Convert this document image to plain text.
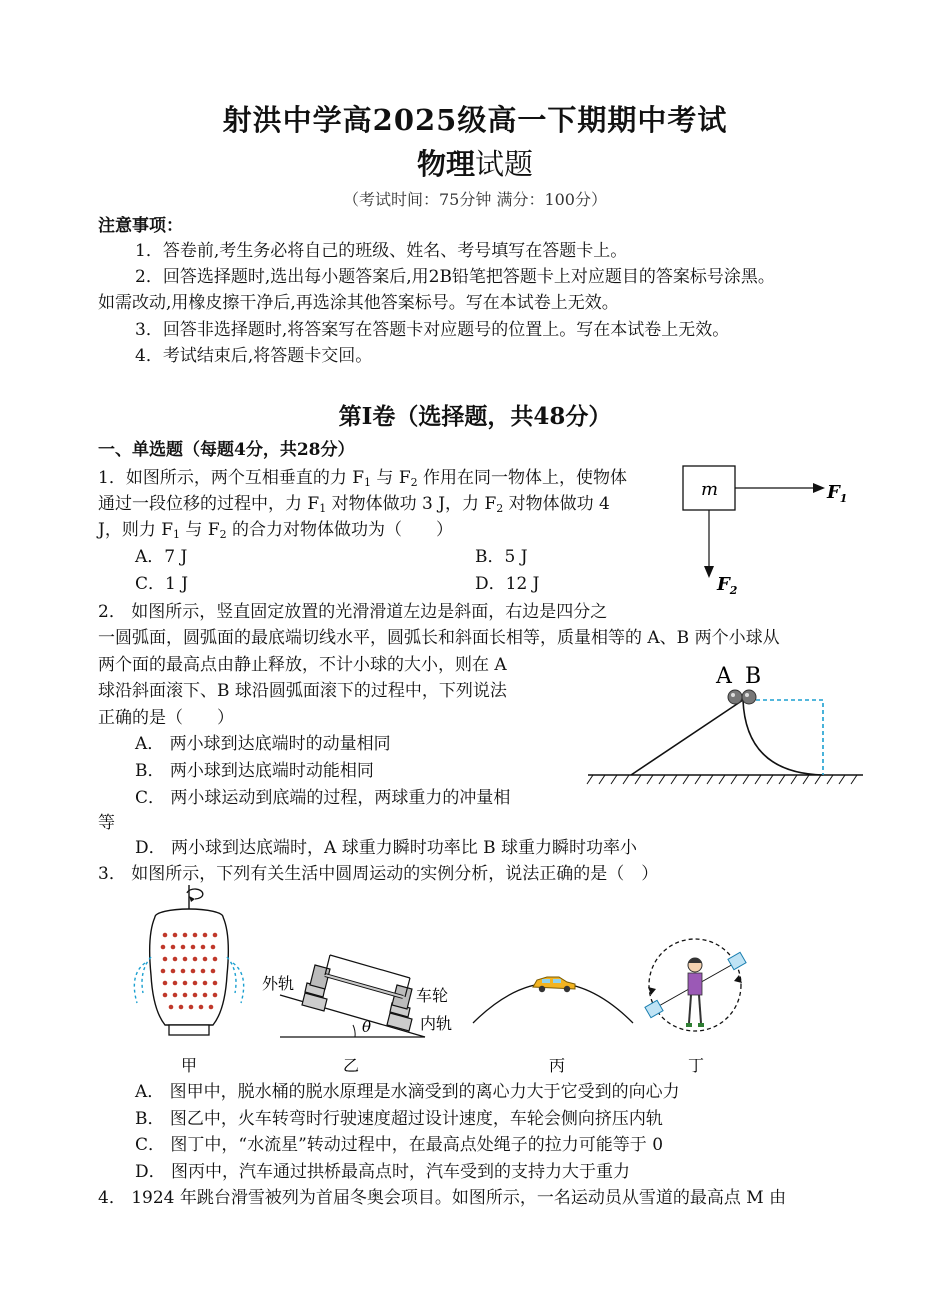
射洪中学高2025级高一下期期中考试
物理试题
（考试时间：75分钟 满分：100分）
注意事项：
1．答卷前,考生务必将自己的班级、姓名、考号填写在答题卡上。
2．回答选择题时,选出每小题答案后,用2B铅笔把答题卡上对应题目的答案标号涂黑。
如需改动,用橡皮擦干净后,再选涂其他答案标号。写在本试卷上无效。
3．回答非选择题时,将答案写在答题卡对应题号的位置上。写在本试卷上无效。
4．考试结束后,将答题卡交回。
第I卷（选择题，共48分）
一、单选题（每题4分，共28分）
1．如图所示，两个互相垂直的力 $F_1$ 与 $F_2$ 作用在同一物体上，使物体
通过一段位移的过程中，力 $F_1$ 对物体做功 3 J，力 $F_2$ 对物体做功 4
J，则力 $F_1$ 与 $F_2$ 的合力对物体做功为（　　）
A．7 J	B．5 J
C．1 J	D．12 J
m	$F_1$
$F_2$
2． 如图所示，竖直固定放置的光滑滑道左边是斜面，右边是四分之
一圆弧面，圆弧面的最底端切线水平，圆弧长和斜面长相等，质量相等的 A、B 两个小球从
两个面的最高点由静止释放，不计小球的大小，则在 A
球沿斜面滚下、B 球沿圆弧面滚下的过程中，下列说法
正确的是（　　）
A． 两小球到达底端时的动量相同
B． 两小球到达底端时动能相同
C． 两小球运动到底端的过程，两球重力的冲量相
等
D． 两小球到达底端时，A 球重力瞬时功率比 B 球重力瞬时功率小
A B
3． 如图所示，下列有关生活中圆周运动的实例分析，说法正确的是（　）
甲
θ
外轨
车轮
内轨
乙	丙	丁
A． 图甲中，脱水桶的脱水原理是水滴受到的离心力大于它受到的向心力
B． 图乙中，火车转弯时行驶速度超过设计速度，车轮会侧向挤压内轨
C． 图丁中，“水流星”转动过程中，在最高点处绳子的拉力可能等于 0
D． 图丙中，汽车通过拱桥最高点时，汽车受到的支持力大于重力
4． 1924 年跳台滑雪被列为首届冬奥会项目。如图所示，一名运动员从雪道的最高点 M 由
